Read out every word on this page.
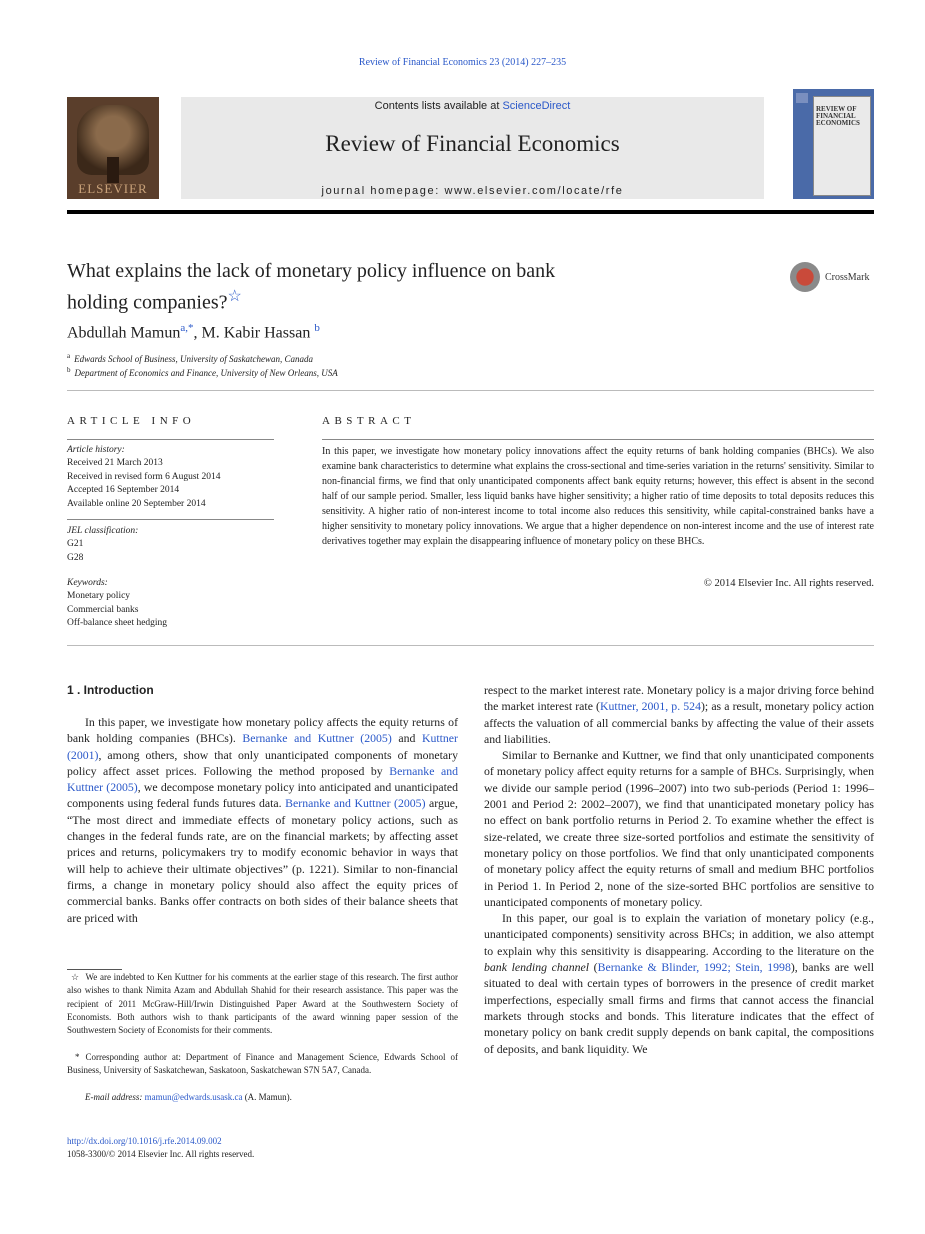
Review of Financial Economics 23 (2014) 227–235
ELSEVIER
Contents lists available at ScienceDirect
Review of Financial Economics
journal homepage: www.elsevier.com/locate/rfe
REVIEW OF FINANCIAL ECONOMICS
What explains the lack of monetary policy influence on bank
holding companies?☆
CrossMark
Abdullah Mamun$^{a,*}$, M. Kabir Hassan $^b$
$^a$ Edwards School of Business, University of Saskatchewan, Canada
$^b$ Department of Economics and Finance, University of New Orleans, USA
ARTICLE INFO
Article history:
Received 21 March 2013
Received in revised form 6 August 2014
Accepted 16 September 2014
Available online 20 September 2014
JEL classification:
G21
G28
Keywords:
Monetary policy
Commercial banks
Off-balance sheet hedging
ABSTRACT
In this paper, we investigate how monetary policy innovations affect the equity returns of bank holding companies (BHCs). We also examine bank characteristics to determine what explains the cross-sectional and time-series variation in the returns' sensitivity. Similar to non-financial firms, we find that only unanticipated components affect bank equity returns; however, this effect is absent in the second half of our sample period. Smaller, less liquid banks have higher sensitivity; a higher ratio of time deposits to total deposits reduces this sensitivity. A higher ratio of non-interest income to total income also reduces this sensitivity, while capital-constrained banks have a higher sensitivity to monetary policy innovations. We argue that a higher dependence on non-interest income and the use of interest rate derivatives together may explain the disappearing influence of monetary policy on these BHCs.
© 2014 Elsevier Inc. All rights reserved.
1 . Introduction

In this paper, we investigate how monetary policy affects the equity returns of bank holding companies (BHCs). Bernanke and Kuttner (2005) and Kuttner (2001), among others, show that only unanticipated components of monetary policy affect asset prices. Following the method proposed by Bernanke and Kuttner (2005), we decompose monetary policy into anticipated and unanticipated components using federal funds futures data. Bernanke and Kuttner (2005) argue, “The most direct and immediate effects of monetary policy actions, such as changes in the federal funds rate, are on the financial markets; by affecting asset prices and returns, policymakers try to modify economic behavior in ways that will help to achieve their ultimate objectives” (p. 1221). Similar to non-financial firms, a change in monetary policy should also affect the equity prices of commercial banks. Banks offer contracts on both sides of their balance sheets that are priced with

respect to the market interest rate. Monetary policy is a major driving force behind the market interest rate (Kuttner, 2001, p. 524); as a result, monetary policy action affects the valuation of all commercial banks by affecting the value of their assets and liabilities.

Similar to Bernanke and Kuttner, we find that only unanticipated components of monetary policy affect equity returns for a sample of BHCs. Surprisingly, when we divide our sample period (1996–2007) into two sub-periods (Period 1: 1996–2001 and Period 2: 2002–2007), we find that unanticipated monetary policy has no effect on bank portfolio returns in Period 2. To examine whether the effect is size-related, we create three size-sorted portfolios and estimate the sensitivity of monetary policy on those portfolios. We find that only unanticipated components of monetary policy affect the equity returns of small and medium BHC portfolios in Period 1. In Period 2, none of the size-sorted BHC portfolios are sensitive to unanticipated components of monetary policy.

In this paper, our goal is to explain the variation of monetary policy (e.g., unanticipated components) sensitivity across BHCs; in addition, we also attempt to explain why this sensitivity is disappearing. According to the literature on the bank lending channel (Bernanke & Blinder, 1992; Stein, 1998), banks are well situated to deal with certain types of borrowers in the presence of credit market imperfections, especially small firms and firms that cannot access the financial markets through stocks and bonds. This literature indicates that the effect of monetary policy on bank credit supply depends on bank capital, the compositions of deposits, and bank liquidity. We

☆ We are indebted to Ken Kuttner for his comments at the earlier stage of this research. The first author also wishes to thank Nimita Azam and Abdullah Shahid for their research assistance. This paper was the recipient of 2011 McGraw-Hill/Irwin Distinguished Paper Award at the Southwestern Society of Economists. Both authors wish to thank participants of the award winning paper session of the Southwestern Society of Economists for their comments.
* Corresponding author at: Department of Finance and Management Science, Edwards School of Business, University of Saskatchewan, Saskatoon, Saskatchewan S7N 5A7, Canada.
E-mail address: mamun@edwards.usask.ca (A. Mamun).
http://dx.doi.org/10.1016/j.rfe.2014.09.002
1058-3300/© 2014 Elsevier Inc. All rights reserved.
